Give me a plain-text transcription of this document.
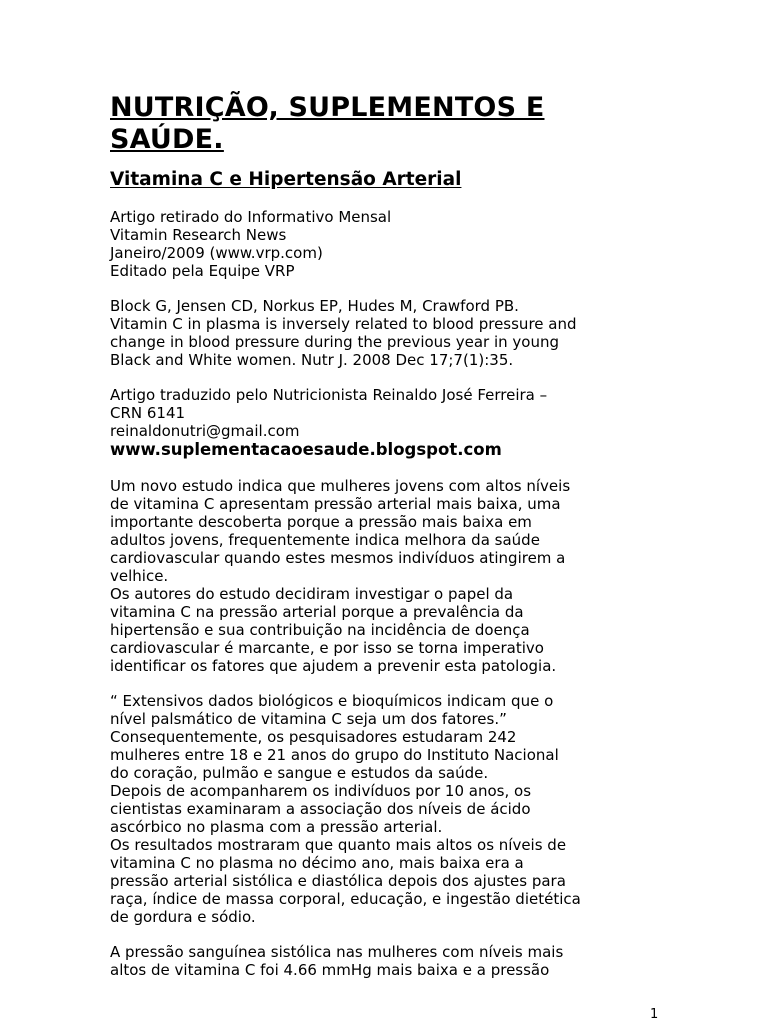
NUTRIÇÃO, SUPLEMENTOS E
SAÚDE.
Vitamina C e Hipertensão Arterial

Artigo retirado do Informativo Mensal
Vitamin Research News
Janeiro/2009 (www.vrp.com)
Editado pela Equipe VRP

Block G, Jensen CD, Norkus EP, Hudes M, Crawford PB.
Vitamin C in plasma is inversely related to blood pressure and
change in blood pressure during the previous year in young
Black and White women. Nutr J. 2008 Dec 17;7(1):35.

Artigo traduzido pelo Nutricionista Reinaldo José Ferreira –
CRN 6141
reinaldonutri@gmail.com
www.suplementacaoesaude.blogspot.com

Um novo estudo indica que mulheres jovens com altos níveis
de vitamina C apresentam pressão arterial mais baixa, uma
importante descoberta porque a pressão mais baixa em
adultos jovens, frequentemente indica melhora da saúde
cardiovascular quando estes mesmos indivíduos atingirem a
velhice.
Os autores do estudo decidiram investigar o papel da
vitamina C na pressão arterial porque a prevalência da
hipertensão e sua contribuição na incidência de doença
cardiovascular é marcante, e por isso se torna imperativo
identificar os fatores que ajudem a prevenir esta patologia.

“ Extensivos dados biológicos e bioquímicos indicam que o
nível palsmático de vitamina C seja um dos fatores.”
Consequentemente, os pesquisadores estudaram 242
mulheres entre 18 e 21 anos do grupo do Instituto Nacional
do coração, pulmão e sangue e estudos da saúde.
Depois de acompanharem os indivíduos por 10 anos, os
cientistas examinaram a associação dos níveis de ácido
ascórbico no plasma com a pressão arterial.
Os resultados mostraram que quanto mais altos os níveis de
vitamina C no plasma no décimo ano, mais baixa era a
pressão arterial sistólica e diastólica depois dos ajustes para
raça, índice de massa corporal, educação, e ingestão dietética
de gordura e sódio.

A pressão sanguínea sistólica nas mulheres com níveis mais
altos de vitamina C foi 4.66 mmHg mais baixa e a pressão

1
